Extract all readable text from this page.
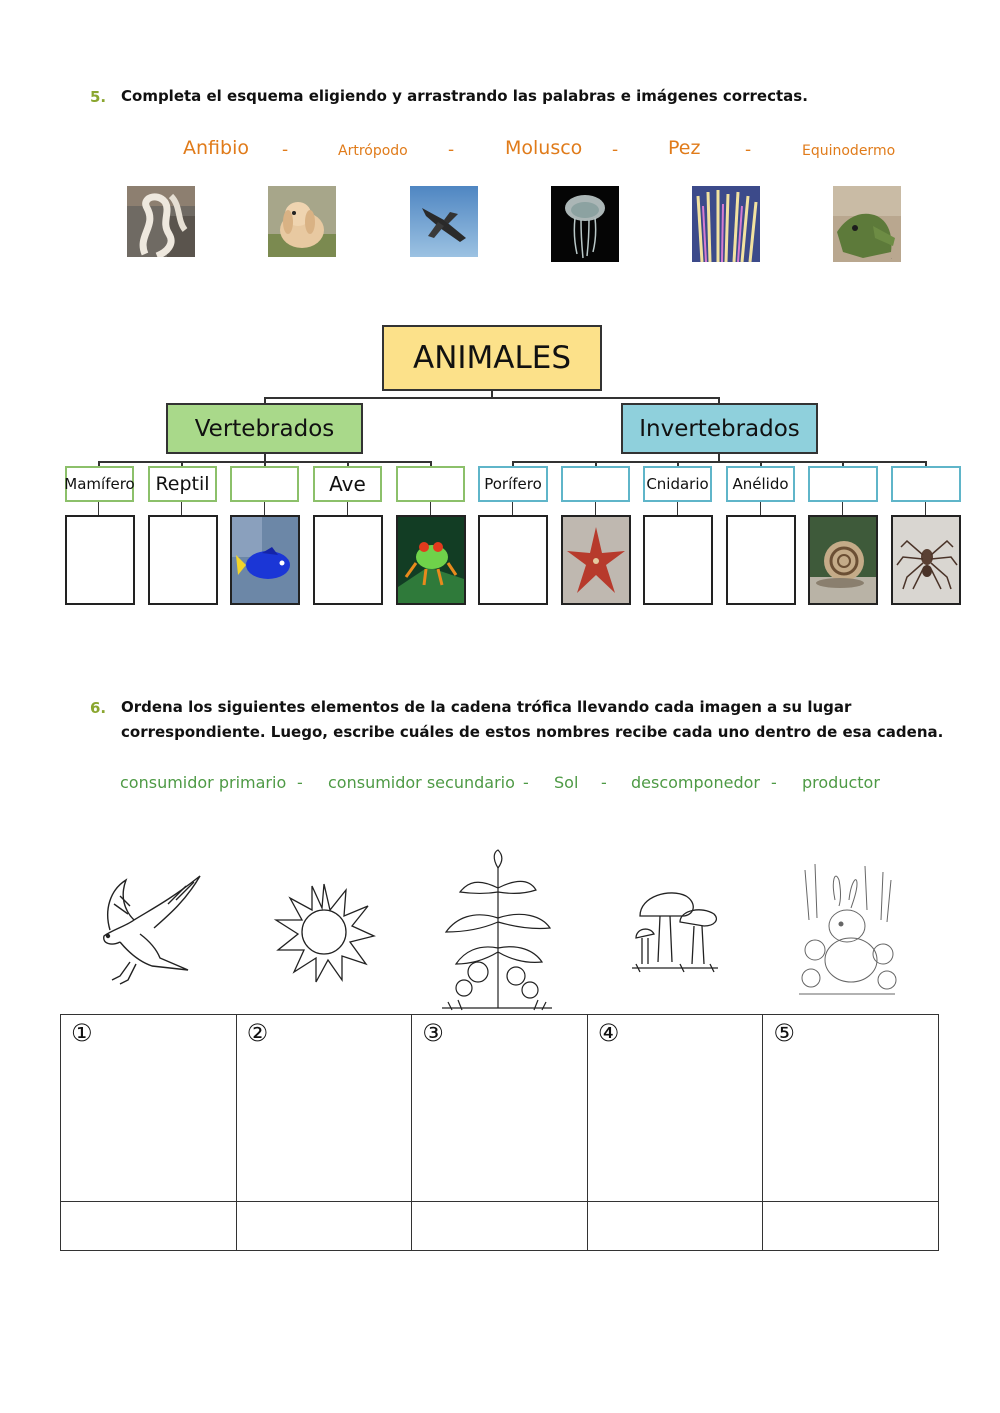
5. Completa el esquema eligiendo y arrastrando las palabras e imágenes correctas.
Anfibio -	Artrópodo -	Molusco -	Pez	-	Equinodermo
.
ANIMALES
Vertebrados	Invertebrados
Mamífero	Reptil	Ave	Porífero	Cnidario	Anélido
6. Ordena los siguientes elementos de la cadena trófica llevando cada imagen a su lugar
correspondiente. Luego, escribe cuáles de estos nombres recibe cada uno dentro de esa cadena.
consumidor primario - consumidor secundario - Sol - descomponedor - productor
①	②	③	④	⑤
